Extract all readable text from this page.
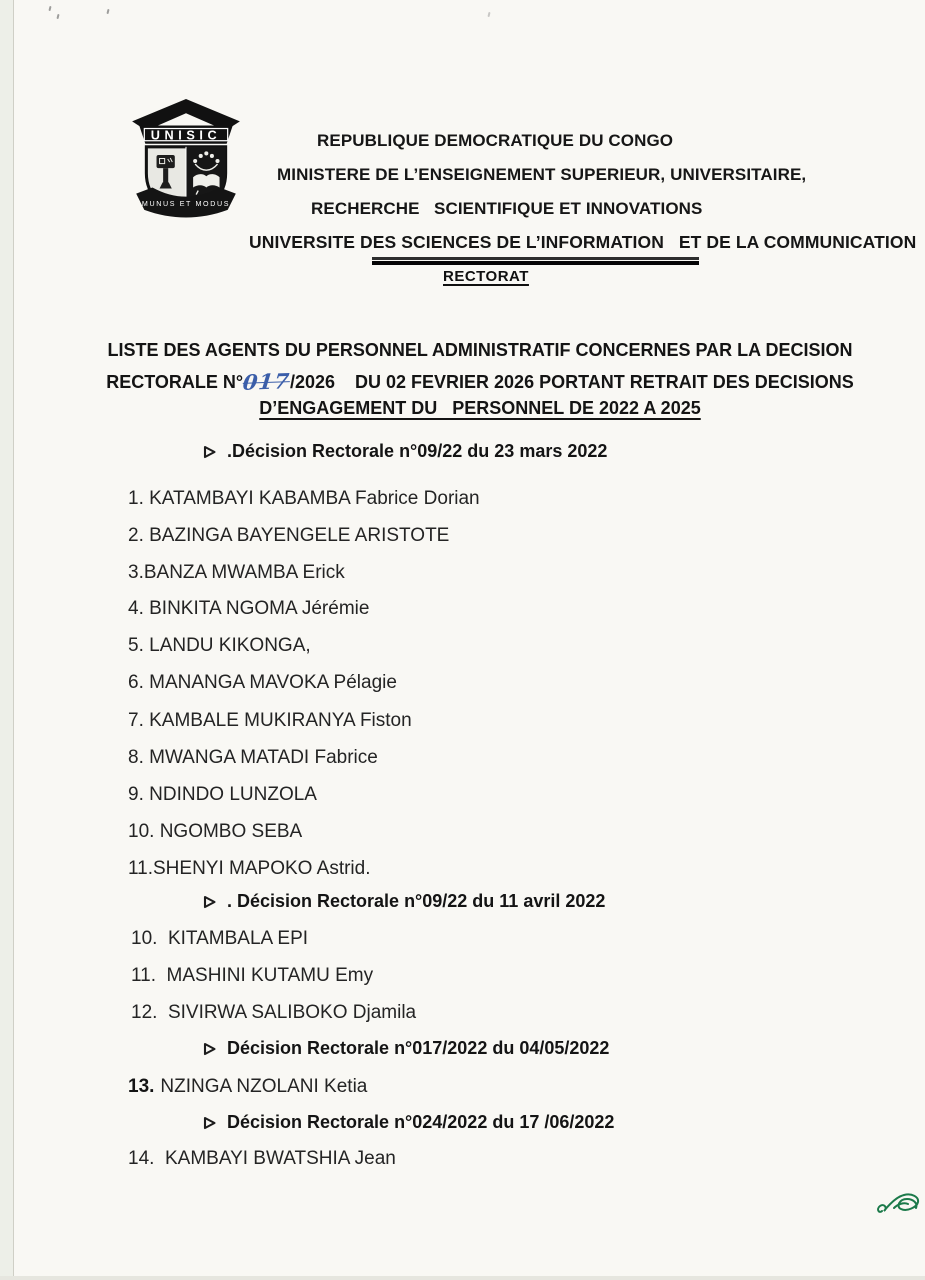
UNISIC
MUNUS ET MODUS
REPUBLIQUE DEMOCRATIQUE DU CONGO
MINISTERE DE L’ENSEIGNEMENT SUPERIEUR, UNIVERSITAIRE,
RECHERCHE   SCIENTIFIQUE ET INNOVATIONS
UNIVERSITE DES SCIENCES DE L’INFORMATION   ET DE LA COMMUNICATION
RECTORAT
LISTE DES AGENTS DU PERSONNEL ADMINISTRATIF CONCERNES PAR LA DECISION
RECTORALE N°017/2026    DU 02 FEVRIER 2026 PORTANT RETRAIT DES DECISIONS
D’ENGAGEMENT DU   PERSONNEL DE 2022 A 2025
.Décision Rectorale n°09/22 du 23 mars 2022
1. KATAMBAYI KABAMBA Fabrice Dorian
2. BAZINGA BAYENGELE ARISTOTE
3.BANZA MWAMBA Erick
4. BINKITA NGOMA Jérémie
5. LANDU KIKONGA,
6. MANANGA MAVOKA Pélagie
7. KAMBALE MUKIRANYA Fiston
8. MWANGA MATADI Fabrice
9. NDINDO LUNZOLA
10. NGOMBO SEBA
11.SHENYI MAPOKO Astrid.
. Décision Rectorale n°09/22 du 11 avril 2022
10.  KITAMBALA EPI
11.  MASHINI KUTAMU Emy
12.  SIVIRWA SALIBOKO Djamila
Décision Rectorale n°017/2022 du 04/05/2022
13. NZINGA NZOLANI Ketia
Décision Rectorale n°024/2022 du 17 /06/2022
14.  KAMBAYI BWATSHIA Jean
